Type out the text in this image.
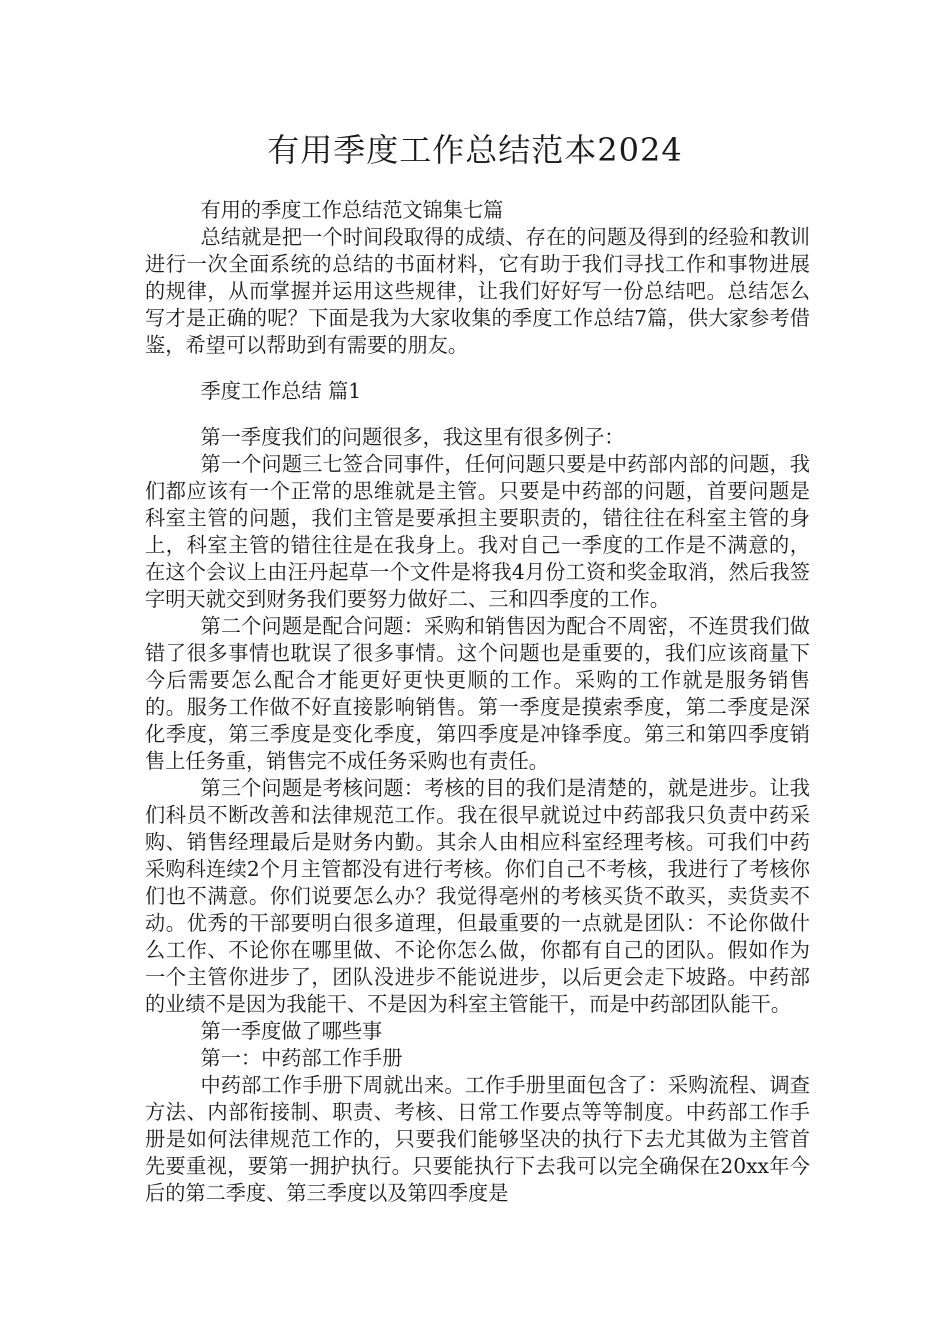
有用季度工作总结范本2024

有用的季度工作总结范文锦集七篇

总结就是把一个时间段取得的成绩、存在的问题及得到的经验和教训进行一次全面系统的总结的书面材料，它有助于我们寻找工作和事物进展的规律，从而掌握并运用这些规律，让我们好好写一份总结吧。总结怎么写才是正确的呢？下面是我为大家收集的季度工作总结7篇，供大家参考借鉴，希望可以帮助到有需要的朋友。

季度工作总结 篇1

第一季度我们的问题很多，我这里有很多例子：

第一个问题三七签合同事件，任何问题只要是中药部内部的问题，我们都应该有一个正常的思维就是主管。只要是中药部的问题，首要问题是科室主管的问题，我们主管是要承担主要职责的，错往往在科室主管的身上，科室主管的错往往是在我身上。我对自己一季度的工作是不满意的，在这个会议上由汪丹起草一个文件是将我4月份工资和奖金取消，然后我签字明天就交到财务我们要努力做好二、三和四季度的工作。

第二个问题是配合问题：采购和销售因为配合不周密，不连贯我们做错了很多事情也耽误了很多事情。这个问题也是重要的，我们应该商量下今后需要怎么配合才能更好更快更顺的工作。采购的工作就是服务销售的。服务工作做不好直接影响销售。第一季度是摸索季度，第二季度是深化季度，第三季度是变化季度，第四季度是冲锋季度。第三和第四季度销售上任务重，销售完不成任务采购也有责任。

第三个问题是考核问题：考核的目的我们是清楚的，就是进步。让我们科员不断改善和法律规范工作。我在很早就说过中药部我只负责中药采购、销售经理最后是财务内勤。其余人由相应科室经理考核。可我们中药采购科连续2个月主管都没有进行考核。你们自己不考核，我进行了考核你们也不满意。你们说要怎么办？我觉得亳州的考核买货不敢买，卖货卖不动。优秀的干部要明白很多道理，但最重要的一点就是团队：不论你做什么工作、不论你在哪里做、不论你怎么做，你都有自己的团队。假如作为一个主管你进步了，团队没进步不能说进步，以后更会走下坡路。中药部的业绩不是因为我能干、不是因为科室主管能干，而是中药部团队能干。

第一季度做了哪些事

第一：中药部工作手册

中药部工作手册下周就出来。工作手册里面包含了：采购流程、调查方法、内部衔接制、职责、考核、日常工作要点等等制度。中药部工作手册是如何法律规范工作的，只要我们能够坚决的执行下去尤其做为主管首先要重视，要第一拥护执行。只要能执行下去我可以完全确保在20xx年今后的第二季度、第三季度以及第四季度是
